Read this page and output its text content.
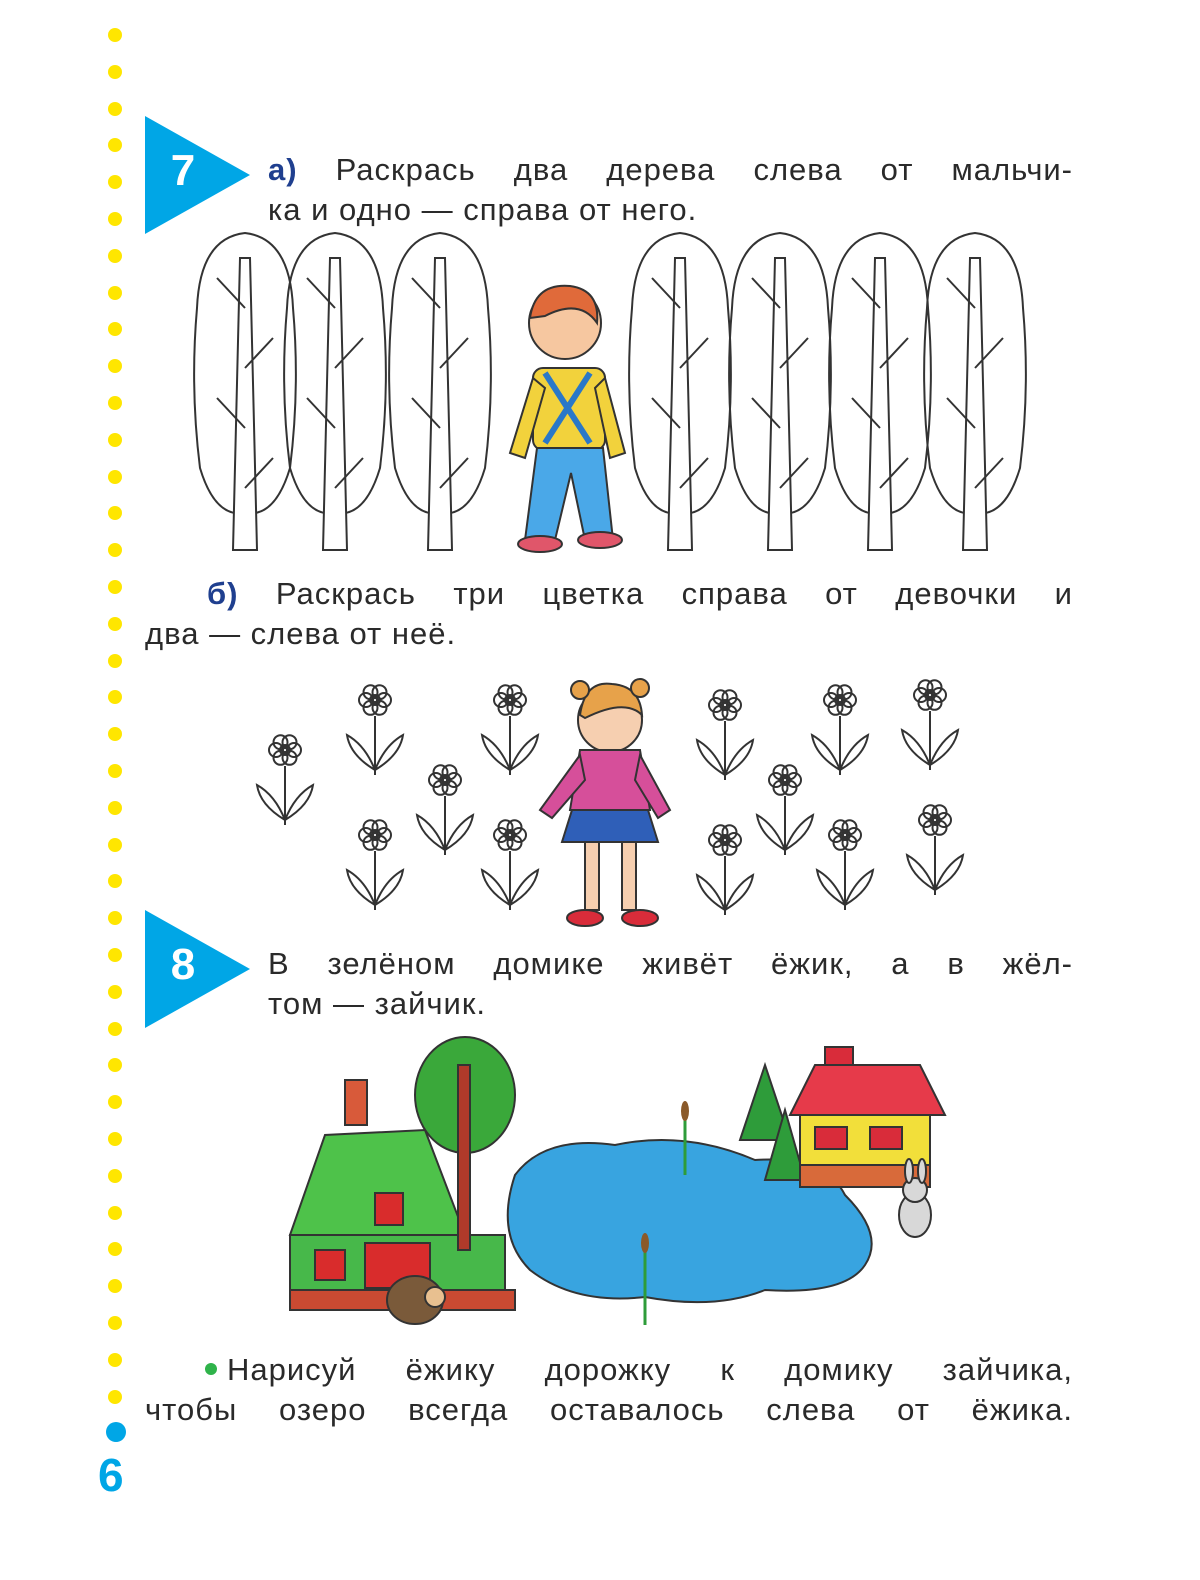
6
7 а) Раскрась два дерева слева от мальчи-
ка и одно — справа от него.
б) Раскрась три цветка справа от девочки и
два — слева от неё.
8 В зелёном домике живёт ёжик, а в жёл-
том — зайчик.
Нарисуй ёжику дорожку к домику зайчика,
чтобы озеро всегда оставалось слева от ёжика.
